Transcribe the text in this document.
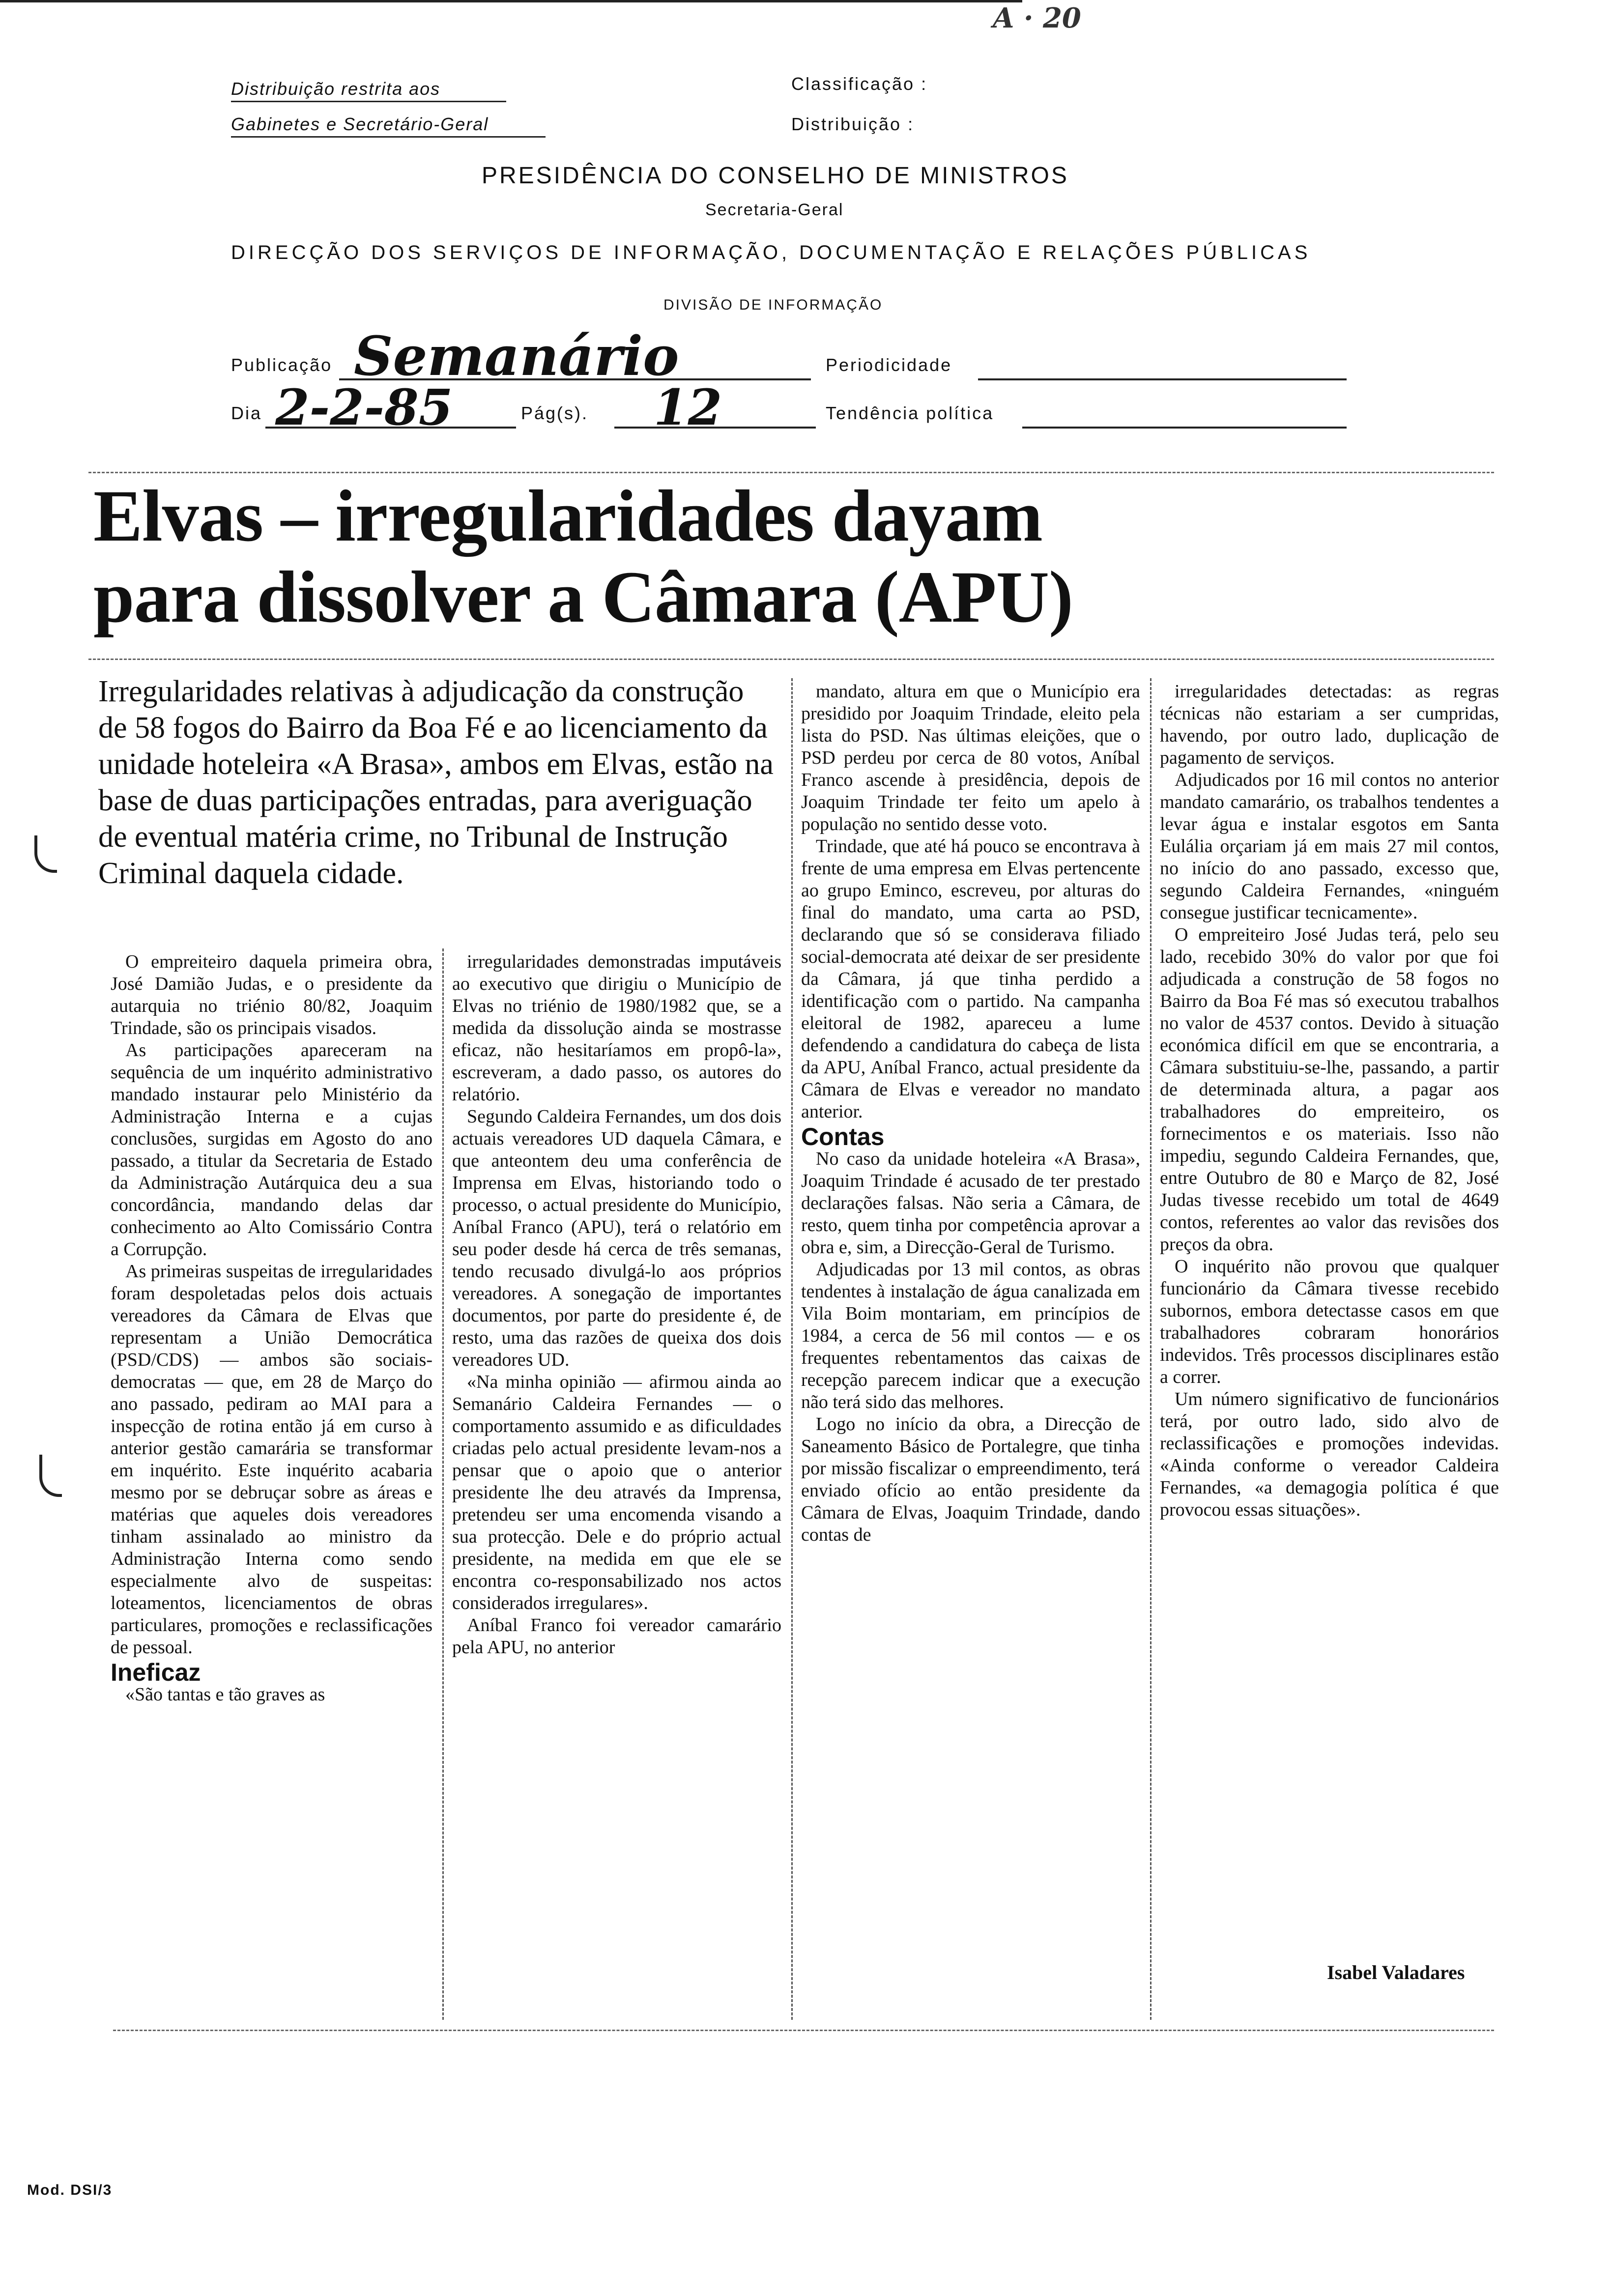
A · 20
Distribuição restrita aos
Gabinetes e Secretário-Geral
Classificação :
Distribuição :
PRESIDÊNCIA DO CONSELHO DE MINISTROS
Secretaria-Geral
DIRECÇÃO DOS SERVIÇOS DE INFORMAÇÃO, DOCUMENTAÇÃO E RELAÇÕES PÚBLICAS
DIVISÃO DE INFORMAÇÃO
Publicação Semanário	Periodicidade
Dia 2-2-85	Pág(s). 12	Tendência política
Elvas – irregularidades dayam
para dissolver a Câmara (APU)
Irregularidades relativas à adjudicação da construção de 58 fogos do Bairro da Boa Fé e ao licenciamento da unidade hoteleira «A Brasa», ambos em Elvas, estão na base de duas participações entradas, para averiguação de eventual matéria crime, no Tribunal de Instrução Criminal daquela cidade.

O empreiteiro daquela primeira obra, José Damião Judas, e o presidente da autarquia no triénio 80/82, Joaquim Trindade, são os principais visados.

As participações apareceram na sequência de um inquérito administrativo mandado instaurar pelo Ministério da Administração Interna e a cujas conclusões, surgidas em Agosto do ano passado, a titular da Secretaria de Estado da Administração Autárquica deu a sua concordância, mandando delas dar conhecimento ao Alto Comissário Contra a Corrupção.

As primeiras suspeitas de irregularidades foram despoletadas pelos dois actuais vereadores da Câmara de Elvas que representam a União Democrática (PSD/CDS) — ambos são sociais-democratas — que, em 28 de Março do ano passado, pediram ao MAI para a inspecção de rotina então já em curso à anterior gestão camarária se transformar em inquérito. Este inquérito acabaria mesmo por se debruçar sobre as áreas e matérias que aqueles dois vereadores tinham assinalado ao ministro da Administração Interna como sendo especialmente alvo de suspeitas: loteamentos, licenciamentos de obras particulares, promoções e reclassificações de pessoal.

Ineficaz

«São tantas e tão graves as

irregularidades demonstradas imputáveis ao executivo que dirigiu o Município de Elvas no triénio de 1980/1982 que, se a medida da dissolução ainda se mostrasse eficaz, não hesitaríamos em propô-la», escreveram, a dado passo, os autores do relatório.

Segundo Caldeira Fernandes, um dos dois actuais vereadores UD daquela Câmara, e que anteontem deu uma conferência de Imprensa em Elvas, historiando todo o processo, o actual presidente do Município, Aníbal Franco (APU), terá o relatório em seu poder desde há cerca de três semanas, tendo recusado divulgá-lo aos próprios vereadores. A sonegação de importantes documentos, por parte do presidente é, de resto, uma das razões de queixa dos dois vereadores UD.

«Na minha opinião — afirmou ainda ao Semanário Caldeira Fernandes — o comportamento assumido e as dificuldades criadas pelo actual presidente levam-nos a pensar que o apoio que o anterior presidente lhe deu através da Imprensa, pretendeu ser uma encomenda visando a sua protecção. Dele e do próprio actual presidente, na medida em que ele se encontra co-responsabilizado nos actos considerados irregulares».

Aníbal Franco foi vereador camarário pela APU, no anterior

mandato, altura em que o Município era presidido por Joaquim Trindade, eleito pela lista do PSD. Nas últimas eleições, que o PSD perdeu por cerca de 80 votos, Aníbal Franco ascende à presidência, depois de Joaquim Trindade ter feito um apelo à população no sentido desse voto.

Trindade, que até há pouco se encontrava à frente de uma empresa em Elvas pertencente ao grupo Eminco, escreveu, por alturas do final do mandato, uma carta ao PSD, declarando que só se considerava filiado social-democrata até deixar de ser presidente da Câmara, já que tinha perdido a identificação com o partido. Na campanha eleitoral de 1982, apareceu a lume defendendo a candidatura do cabeça de lista da APU, Aníbal Franco, actual presidente da Câmara de Elvas e vereador no mandato anterior.

Contas

No caso da unidade hoteleira «A Brasa», Joaquim Trindade é acusado de ter prestado declarações falsas. Não seria a Câmara, de resto, quem tinha por competência aprovar a obra e, sim, a Direcção-Geral de Turismo.

Adjudicadas por 13 mil contos, as obras tendentes à instalação de água canalizada em Vila Boim montariam, em princípios de 1984, a cerca de 56 mil contos — e os frequentes rebentamentos das caixas de recepção parecem indicar que a execução não terá sido das melhores.

Logo no início da obra, a Direcção de Saneamento Básico de Portalegre, que tinha por missão fiscalizar o empreendimento, terá enviado ofício ao então presidente da Câmara de Elvas, Joaquim Trindade, dando contas de

irregularidades detectadas: as regras técnicas não estariam a ser cumpridas, havendo, por outro lado, duplicação de pagamento de serviços.

Adjudicados por 16 mil contos no anterior mandato camarário, os trabalhos tendentes a levar água e instalar esgotos em Santa Eulália orçariam já em mais 27 mil contos, no início do ano passado, excesso que, segundo Caldeira Fernandes, «ninguém consegue justificar tecnicamente».

O empreiteiro José Judas terá, pelo seu lado, recebido 30% do valor por que foi adjudicada a construção de 58 fogos no Bairro da Boa Fé mas só executou trabalhos no valor de 4537 contos. Devido à situação económica difícil em que se encontraria, a Câmara substituiu-se-lhe, passando, a partir de determinada altura, a pagar aos trabalhadores do empreiteiro, os fornecimentos e os materiais. Isso não impediu, segundo Caldeira Fernandes, que, entre Outubro de 80 e Março de 82, José Judas tivesse recebido um total de 4649 contos, referentes ao valor das revisões dos preços da obra.

O inquérito não provou que qualquer funcionário da Câmara tivesse recebido subornos, embora detectasse casos em que trabalhadores cobraram honorários indevidos. Três processos disciplinares estão a correr.

Um número significativo de funcionários terá, por outro lado, sido alvo de reclassificações e promoções indevidas. «Ainda conforme o vereador Caldeira Fernandes, «a demagogia política é que provocou essas situações».

Isabel Valadares
Mod. DSI/3
